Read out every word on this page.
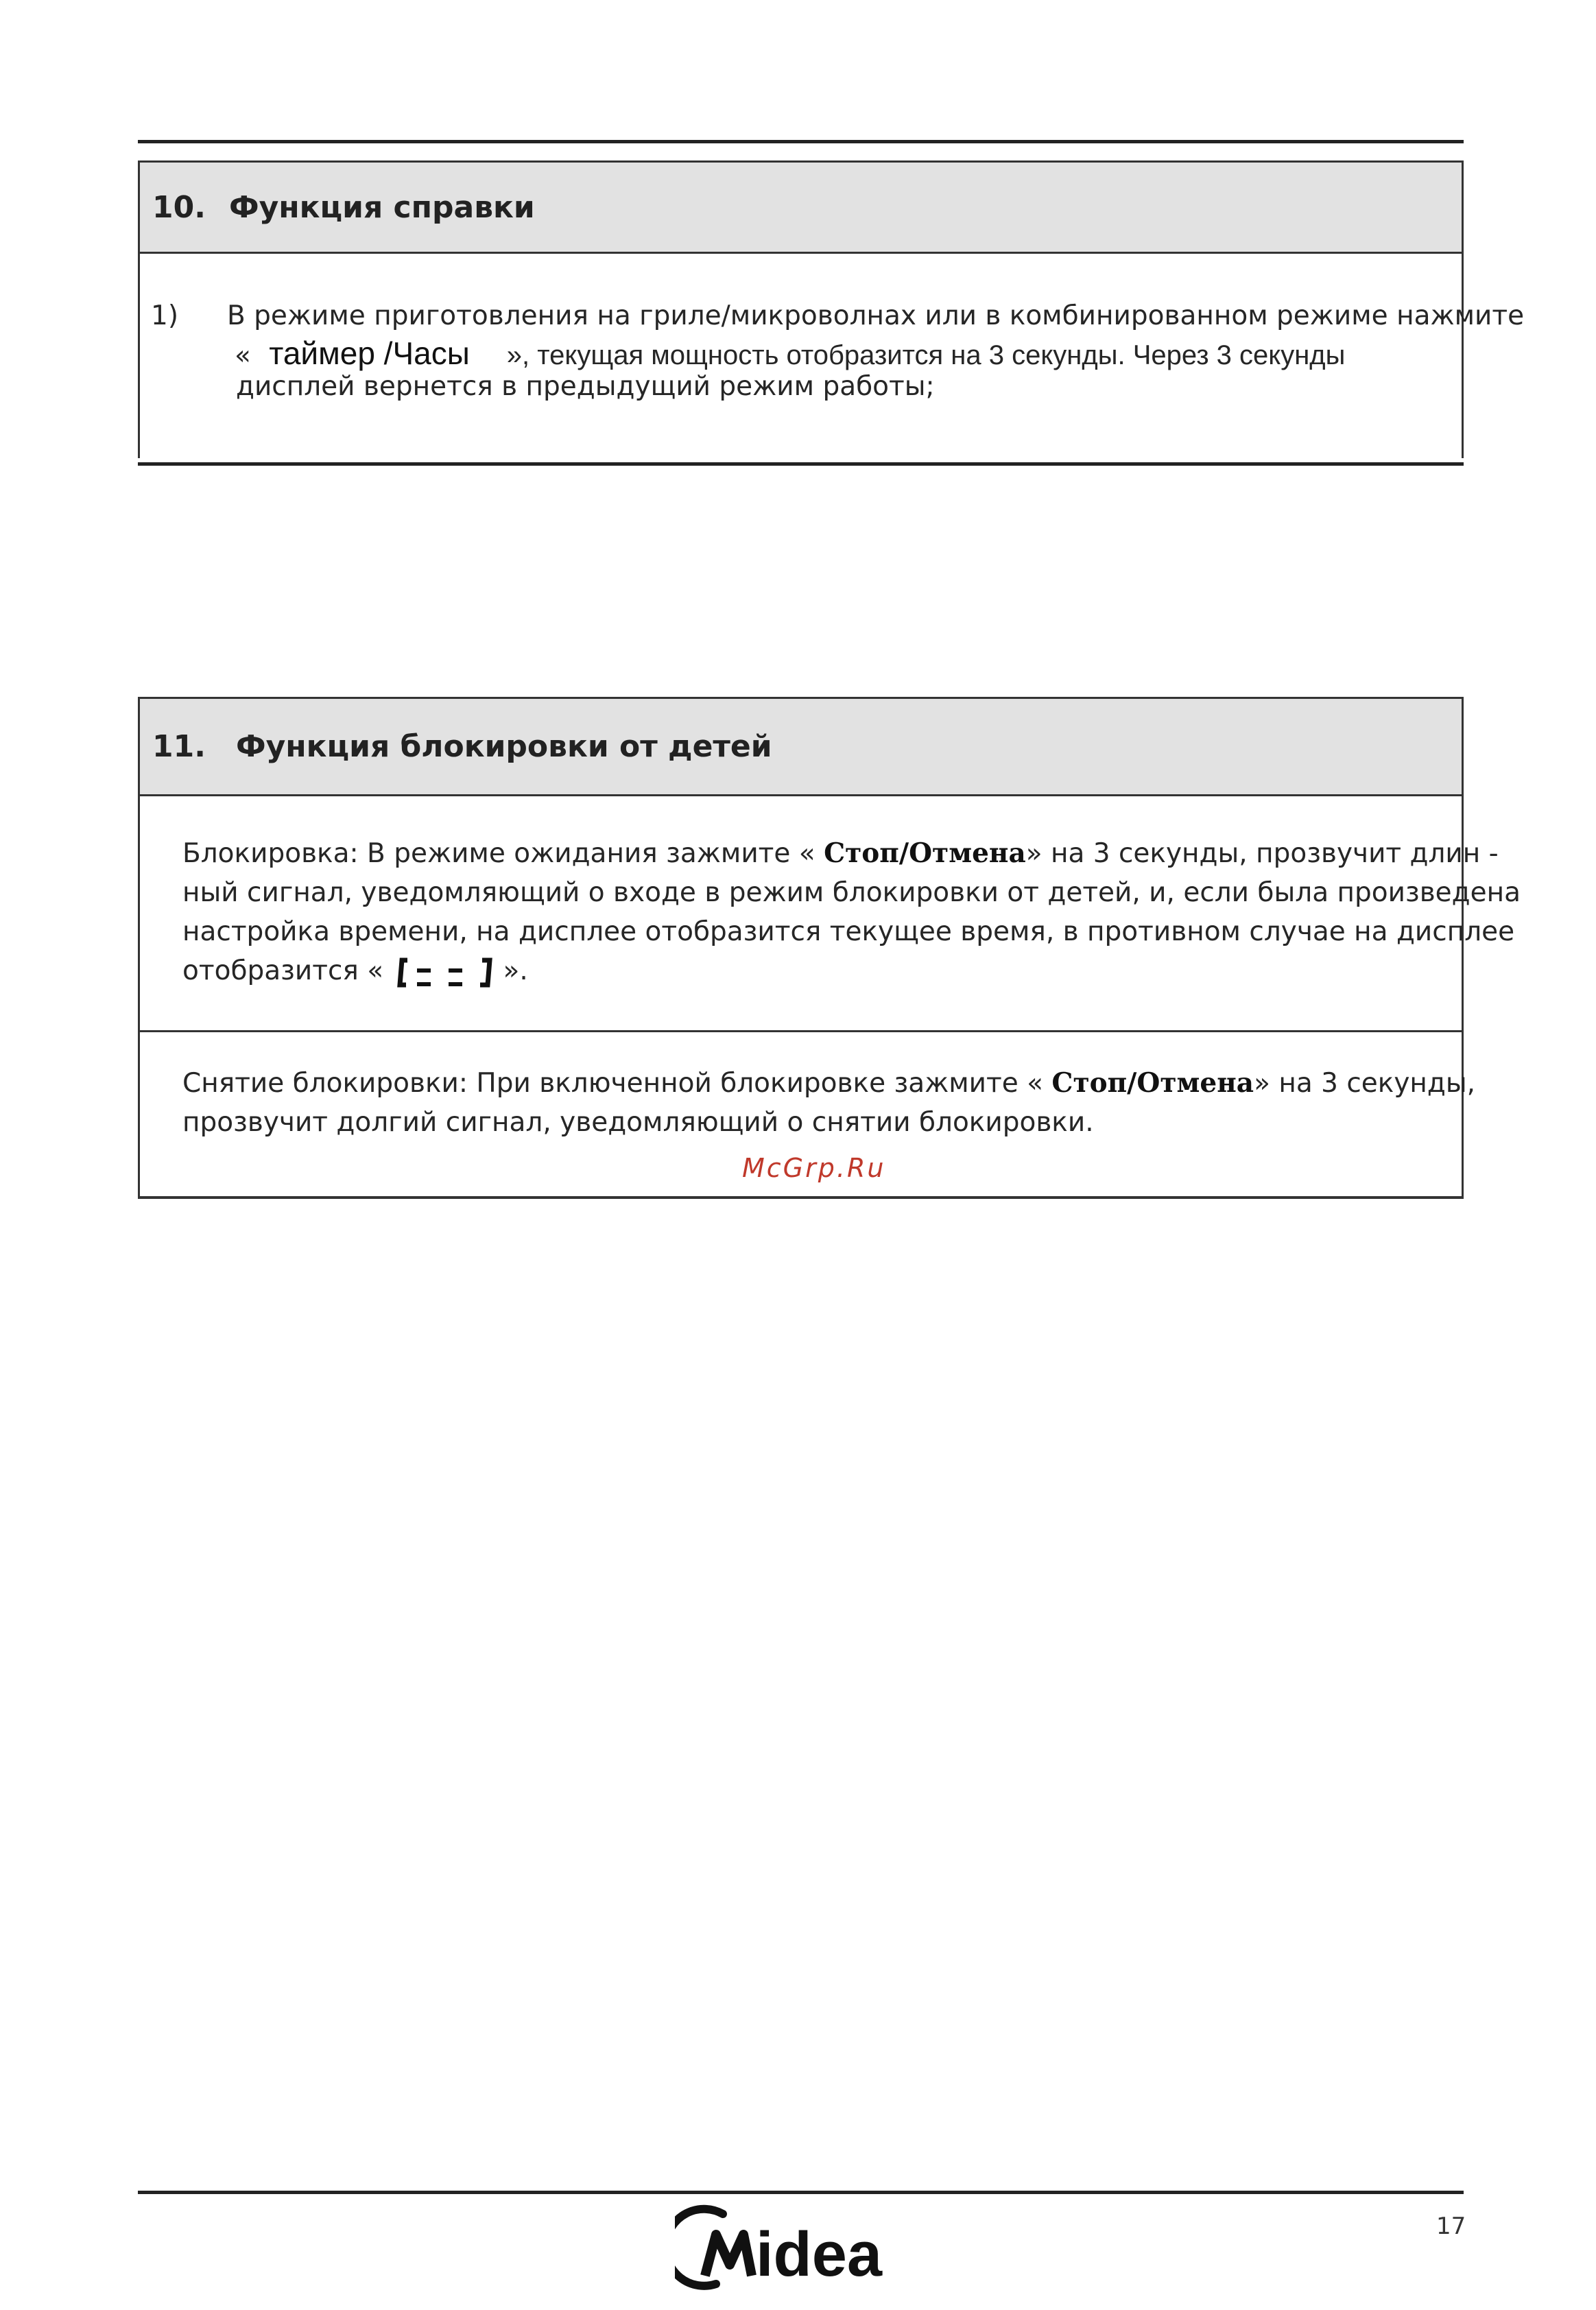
10. Функция справки
1) В режиме приготовления на гриле/микроволнах или в комбинированном режиме нажмите
« таймер /Часы », текущая мощность отобразится на 3 секунды. Через 3 секунды
дисплей вернется в предыдущий режим работы;
11. Функция блокировки от детей
Блокировка: В режиме ожидания зажмите « Стоп/Отмена» на 3 секунды, прозвучит длин -
ный сигнал, уведомляющий о входе в режим блокировки от детей, и, если была произведена
настройка времени, на дисплее отобразится текущее время, в противном случае на дисплее
отобразится «	».
Снятие блокировки: При включенной блокировке зажмите « Стоп/Отмена» на 3 секунды,
прозвучит долгий сигнал, уведомляющий о снятии блокировки.
McGrp.Ru
17
idea
